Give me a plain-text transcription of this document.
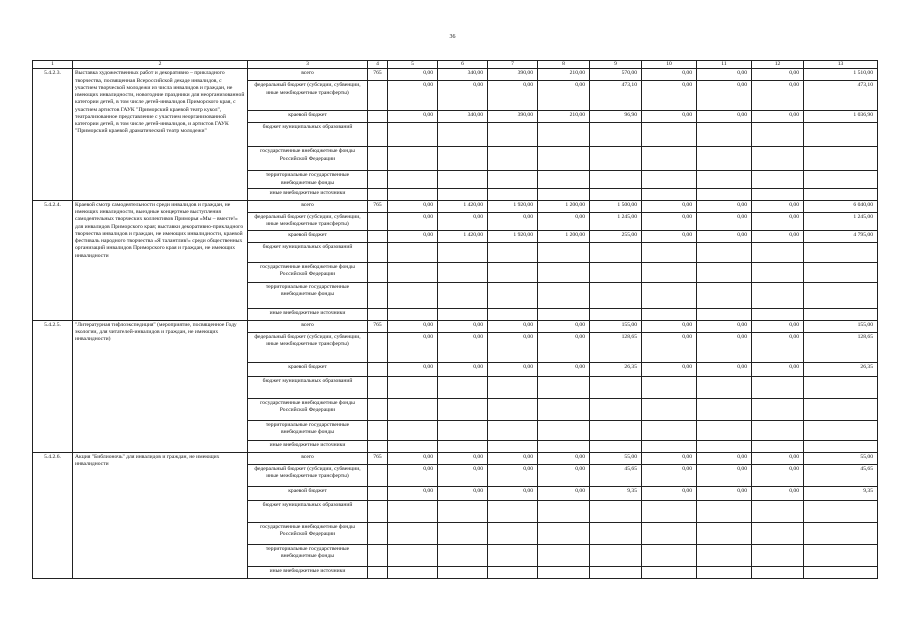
36
1	2	3	4	5	6	7	8	9	10	11	12	13
5.4.2.3.	Выставка художественных работ и декоративно – прикладного творчества, посвященная Всероссийской декаде инвалидов, с участием творческой молодежи из числа инвалидов и граждан, не имеющих инвалидности, новогодние праздники для неорганизованной категории детей, в том числе детей-инвалидов Приморского края, с участием артистов ГАУК "Приморский краевой театр кукол", театрализованное представление с участием неорганизованной категории детей, в том числе детей-инвалидов, и артистов ГАУК "Приморский краевой драматический театр молодежи"	всего	765	0,00	340,00	390,00	210,00	570,00	0,00	0,00	0,00	1 510,00
		федеральный бюджет (субсидии, субвенции, иные межбюджетные трансферты)		0,00	0,00	0,00	0,00	473,10	0,00	0,00	0,00	473,10
		краевой бюджет		0,00	340,00	390,00	210,00	96,90	0,00	0,00	0,00	1 036,90
		бюджет муниципальных образований										
		государственные внебюджетные фонды Российской Федерации										
		территориальные государственные внебюджетные фонды										
		иные внебюджетные источники										
5.4.2.4.	Краевой смотр самодеятельности среди инвалидов и граждан, не имеющих инвалидности, выездные концертные выступления самодеятельных творческих коллективов Приморья «Мы – вместе!» для инвалидов Приморского края; выставки декоративно-прикладного творчества инвалидов и граждан, не имеющих инвалидности, краевой фестиваль народного творчества «Я талантлив!» среди общественных организаций инвалидов Приморского края и граждан, не имеющих инвалидности	всего	765	0,00	1 420,00	1 920,00	1 200,00	1 500,00	0,00	0,00	0,00	6 040,00
		федеральный бюджет (субсидии, субвенции, иные межбюджетные трансферты)		0,00	0,00	0,00	0,00	1 245,00	0,00	0,00	0,00	1 245,00
		краевой бюджет		0,00	1 420,00	1 920,00	1 200,00	255,00	0,00	0,00	0,00	4 795,00
		бюджет муниципальных образований										
		государственные внебюджетные фонды Российской Федерации										
		территориальные государственные внебюджетные фонды										
		иные внебюджетные источники										
5.4.2.5.	"Литературная тифлоэкспедиция" (мероприятие, посвященное Году экологии, для читателей-инвалидов и граждан, не имеющих инвалидности)	всего	765	0,00	0,00	0,00	0,00	155,00	0,00	0,00	0,00	155,00
		федеральный бюджет (субсидии, субвенции, иные межбюджетные трансферты)		0,00	0,00	0,00	0,00	128,65	0,00	0,00	0,00	128,65
		краевой бюджет		0,00	0,00	0,00	0,00	26,35	0,00	0,00	0,00	26,35
		бюджет муниципальных образований										
		государственные внебюджетные фонды Российской Федерации										
		территориальные государственные внебюджетные фонды										
		иные внебюджетные источники										
5.4.2.6.	Акция "Библионочь" для инвалидов и граждан, не имеющих инвалидности	всего	765	0,00	0,00	0,00	0,00	55,00	0,00	0,00	0,00	55,00
		федеральный бюджет (субсидии, субвенции, иные межбюджетные трансферты)		0,00	0,00	0,00	0,00	45,65	0,00	0,00	0,00	45,65
		краевой бюджет		0,00	0,00	0,00	0,00	9,35	0,00	0,00	0,00	9,35
		бюджет муниципальных образований										
		государственные внебюджетные фонды Российской Федерации										
		территориальные государственные внебюджетные фонды										
		иные внебюджетные источники										
